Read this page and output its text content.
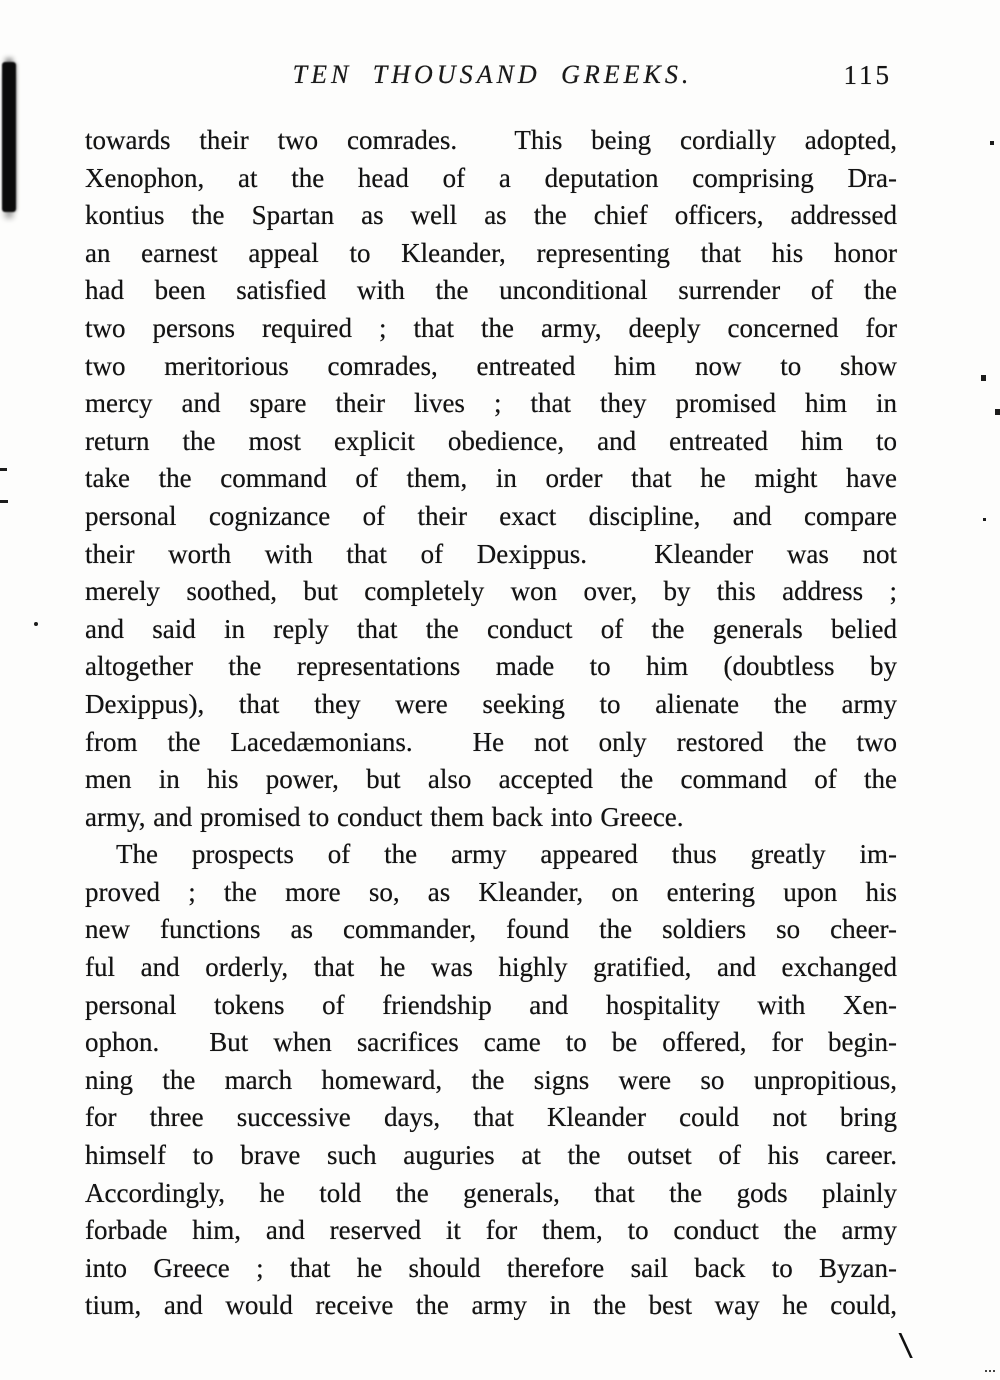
TEN THOUSAND GREEKS.	115
towards their two comrades.  This being cordially adopted,
Xenophon, at the head of a deputation comprising Dra-
kontius the Spartan as well as the chief officers, addressed
an earnest appeal to Kleander, representing that his honor
had been satisfied with the unconditional surrender of the
two persons required ; that the army, deeply concerned for
two meritorious comrades, entreated him now to show
mercy and spare their lives ; that they promised him in
return the most explicit obedience, and entreated him to
take the command of them, in order that he might have
personal cognizance of their exact discipline, and compare
their worth with that of Dexippus.  Kleander was not
merely soothed, but completely won over, by this address ;
and said in reply that the conduct of the generals belied
altogether the representations made to him (doubtless by
Dexippus), that they were seeking to alienate the army
from the Lacedæmonians.  He not only restored the two
men in his power, but also accepted the command of the
army, and promised to conduct them back into Greece.
The prospects of the army appeared thus greatly im-
proved ; the more so, as Kleander, on entering upon his
new functions as commander, found the soldiers so cheer-
ful and orderly, that he was highly gratified, and exchanged
personal tokens of friendship and hospitality with Xen-
ophon.  But when sacrifices came to be offered, for begin-
ning the march homeward, the signs were so unpropitious,
for three successive days, that Kleander could not bring
himself to brave such auguries at the outset of his career.
Accordingly, he told the generals, that the gods plainly
forbade him, and reserved it for them, to conduct the army
into Greece ; that he should therefore sail back to Byzan-
tium, and would receive the army in the best way he could,
\
